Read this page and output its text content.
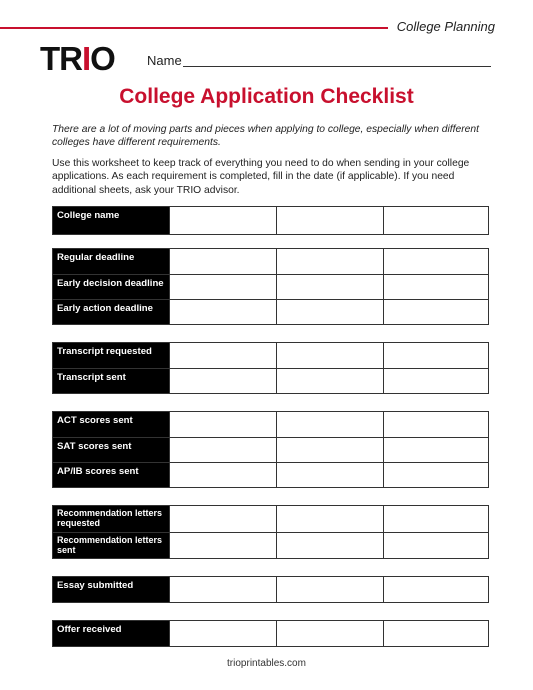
College Planning
TRIO Name
College Application Checklist
There are a lot of moving parts and pieces when applying to college, especially when different colleges have different requirements.
Use this worksheet to keep track of everything you need to do when sending in your college applications. As each requirement is completed, fill in the date (if applicable). If you need additional sheets, ask your TRIO advisor.
College name
Regular deadline
Early decision deadline
Early action deadline
Transcript requested
Transcript sent
ACT scores sent
SAT scores sent
AP/IB scores sent
Recommendation letters requested
Recommendation letters sent
Essay submitted
Offer received
trioprintables.com
